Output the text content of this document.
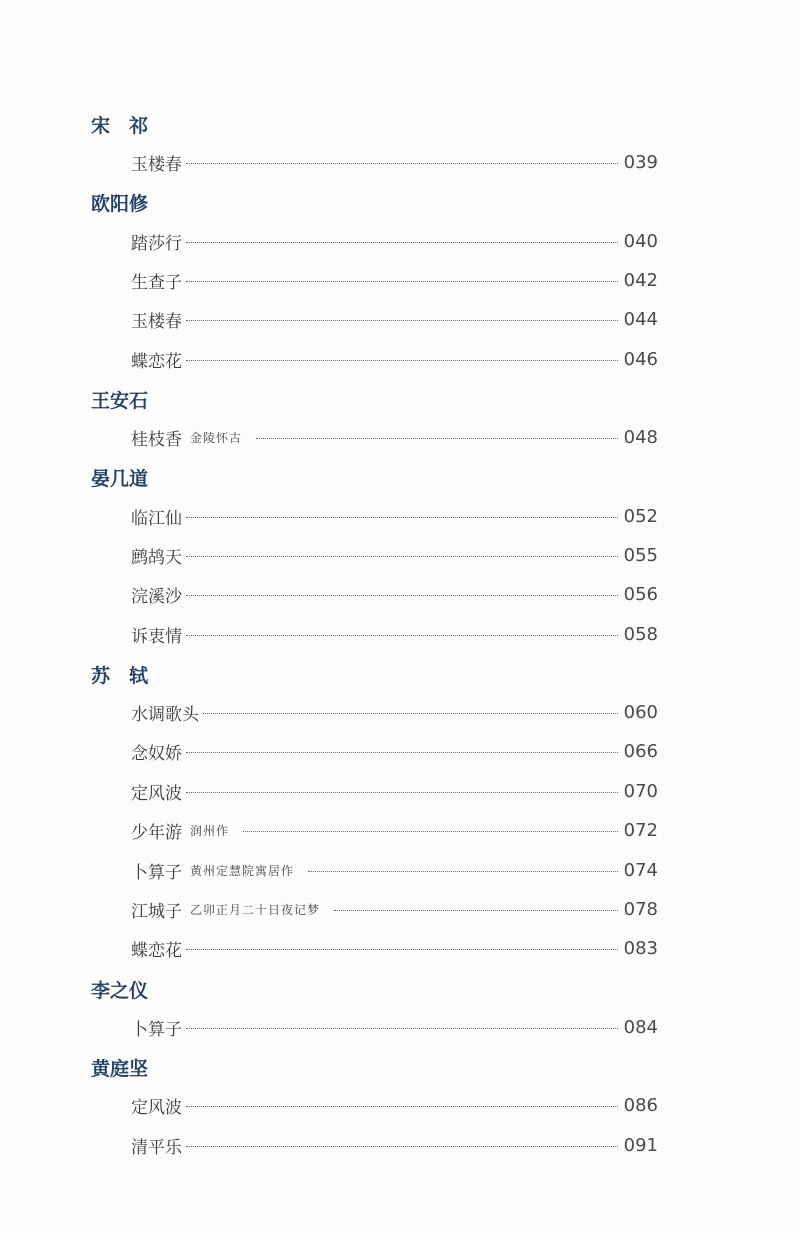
宋　祁
玉楼春	039
欧阳修
踏莎行	040
生查子	042
玉楼春	044
蝶恋花	046
王安石
桂枝香 金陵怀古	048
晏几道
临江仙	052
鹧鸪天	055
浣溪沙	056
诉衷情	058
苏　轼
水调歌头	060
念奴娇	066
定风波	070
少年游 润州作	072
卜算子 黄州定慧院寓居作	074
江城子 乙卯正月二十日夜记梦	078
蝶恋花	083
李之仪
卜算子	084
黄庭坚
定风波	086
清平乐	091
